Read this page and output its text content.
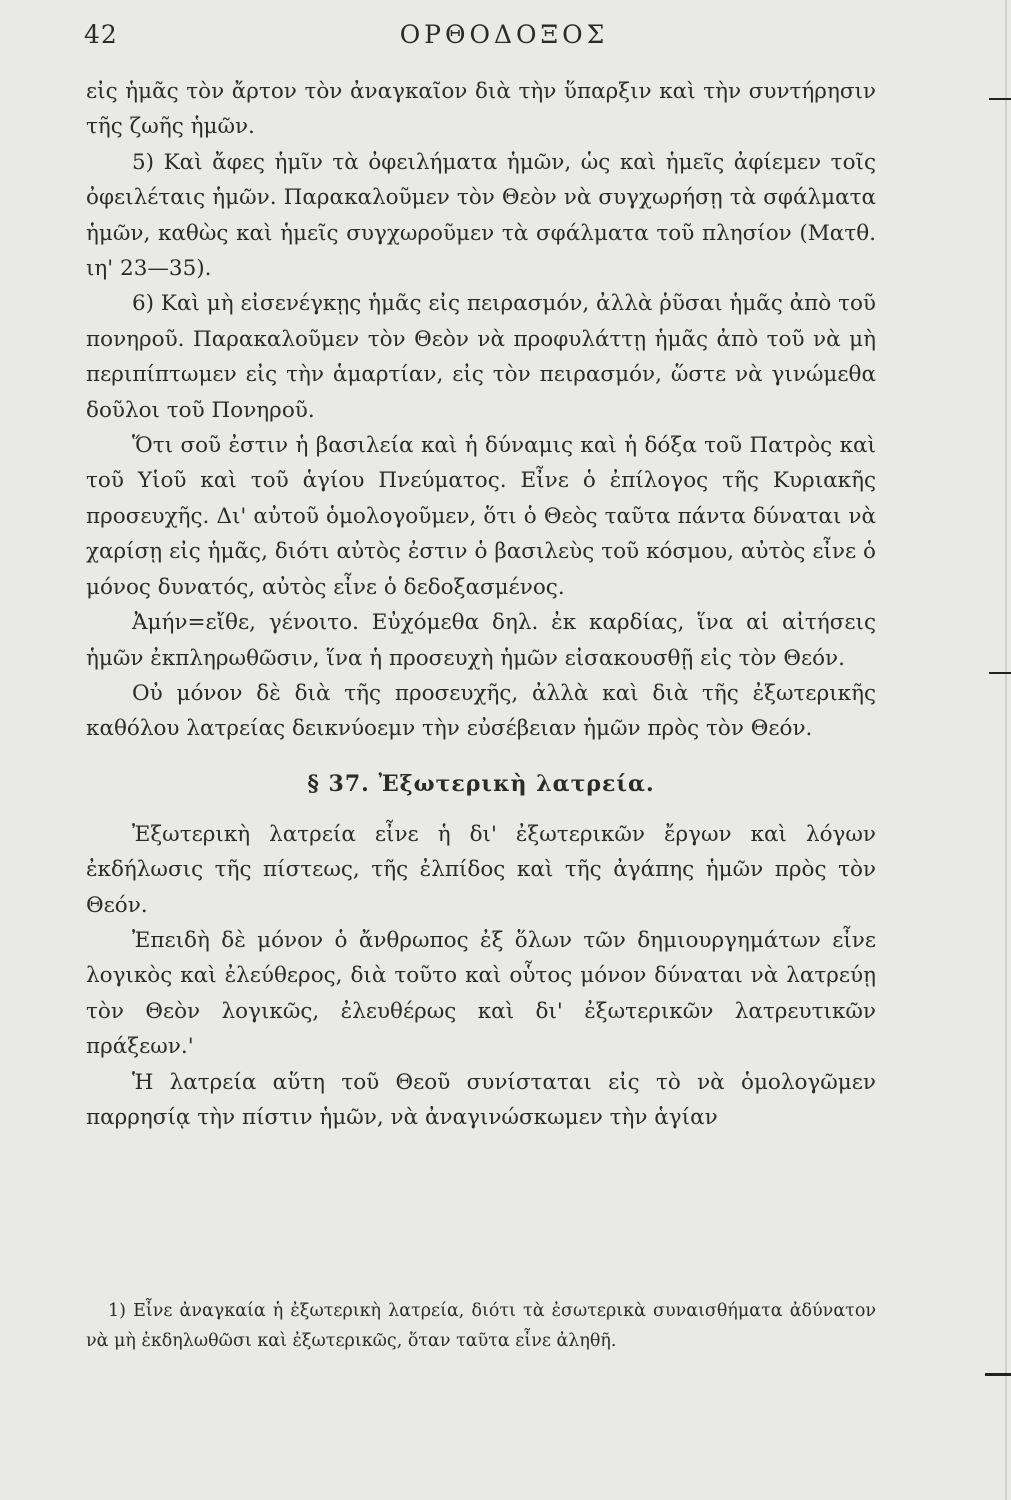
42	ΟΡΘΟΔΟΞΟΣ

εἰς ἡμᾶς τὸν ἄρτον τὸν ἀναγκαῖον διὰ τὴν ὕπαρξιν καὶ τὴν συντήρησιν τῆς ζωῆς ἡμῶν.

5) Καὶ ἄφες ἡμῖν τὰ ὀφειλήματα ἡμῶν, ὡς καὶ ἡμεῖς ἀφίεμεν τοῖς ὀφειλέταις ἡμῶν. Παρακαλοῦμεν τὸν Θεὸν νὰ συγχωρήσῃ τὰ σφάλματα ἡμῶν, καθὼς καὶ ἡμεῖς συγχωροῦμεν τὰ σφάλματα τοῦ πλησίον (Ματθ. ιη' 23—35).

6) Καὶ μὴ εἰσενέγκῃς ἡμᾶς εἰς πειρασμόν, ἀλλὰ ῥῦσαι ἡμᾶς ἀπὸ τοῦ πονηροῦ. Παρακαλοῦμεν τὸν Θεὸν νὰ προφυλάττῃ ἡμᾶς ἀπὸ τοῦ νὰ μὴ περιπίπτωμεν εἰς τὴν ἁμαρτίαν, εἰς τὸν πειρασμόν, ὥστε νὰ γινώμεθα δοῦλοι τοῦ Πονηροῦ.

Ὅτι σοῦ ἐστιν ἡ βασιλεία καὶ ἡ δύναμις καὶ ἡ δόξα τοῦ Πατρὸς καὶ τοῦ Υἱοῦ καὶ τοῦ ἁγίου Πνεύματος. Εἶνε ὁ ἐπίλογος τῆς Κυριακῆς προσευχῆς. Δι' αὐτοῦ ὁμολογοῦμεν, ὅτι ὁ Θεὸς ταῦτα πάντα δύναται νὰ χαρίσῃ εἰς ἡμᾶς, διότι αὐτὸς ἐστιν ὁ βασιλεὺς τοῦ κόσμου, αὐτὸς εἶνε ὁ μόνος δυνατός, αὐτὸς εἶνε ὁ δεδοξασμένος.

Ἀμήν=εἴθε, γένοιτο. Εὐχόμεθα δηλ. ἐκ καρδίας, ἵνα αἱ αἰτήσεις ἡμῶν ἐκπληρωθῶσιν, ἵνα ἡ προσευχὴ ἡμῶν εἰσακουσθῇ εἰς τὸν Θεόν.

Οὐ μόνον δὲ διὰ τῆς προσευχῆς, ἀλλὰ καὶ διὰ τῆς ἐξωτερικῆς καθόλου λατρείας δεικνύοεμν τὴν εὐσέβειαν ἡμῶν πρὸς τὸν Θεόν.

§ 37. Ἐξωτερικὴ λατρεία.

Ἐξωτερικὴ λατρεία εἶνε ἡ δι' ἐξωτερικῶν ἔργων καὶ λόγων ἐκδήλωσις τῆς πίστεως, τῆς ἐλπίδος καὶ τῆς ἀγάπης ἡμῶν πρὸς τὸν Θεόν.

Ἐπειδὴ δὲ μόνον ὁ ἄνθρωπος ἐξ ὅλων τῶν δημιουργημάτων εἶνε λογικὸς καὶ ἐλεύθερος, διὰ τοῦτο καὶ οὗτος μόνον δύναται νὰ λατρεύῃ τὸν Θεὸν λογικῶς, ἐλευθέρως καὶ δι' ἐξωτερικῶν λατρευτικῶν πράξεων.'

Ἡ λατρεία αὕτη τοῦ Θεοῦ συνίσταται εἰς τὸ νὰ ὁμολογῶμεν παρρησίᾳ τὴν πίστιν ἡμῶν, νὰ ἀναγινώσκωμεν τὴν ἁγίαν

1) Εἶνε ἀναγκαία ἡ ἐξωτερικὴ λατρεία, διότι τὰ ἐσωτερικὰ συναισθήματα ἀδύνατον νὰ μὴ ἐκδηλωθῶσι καὶ ἐξωτερικῶς, ὅταν ταῦτα εἶνε ἀληθῆ.
